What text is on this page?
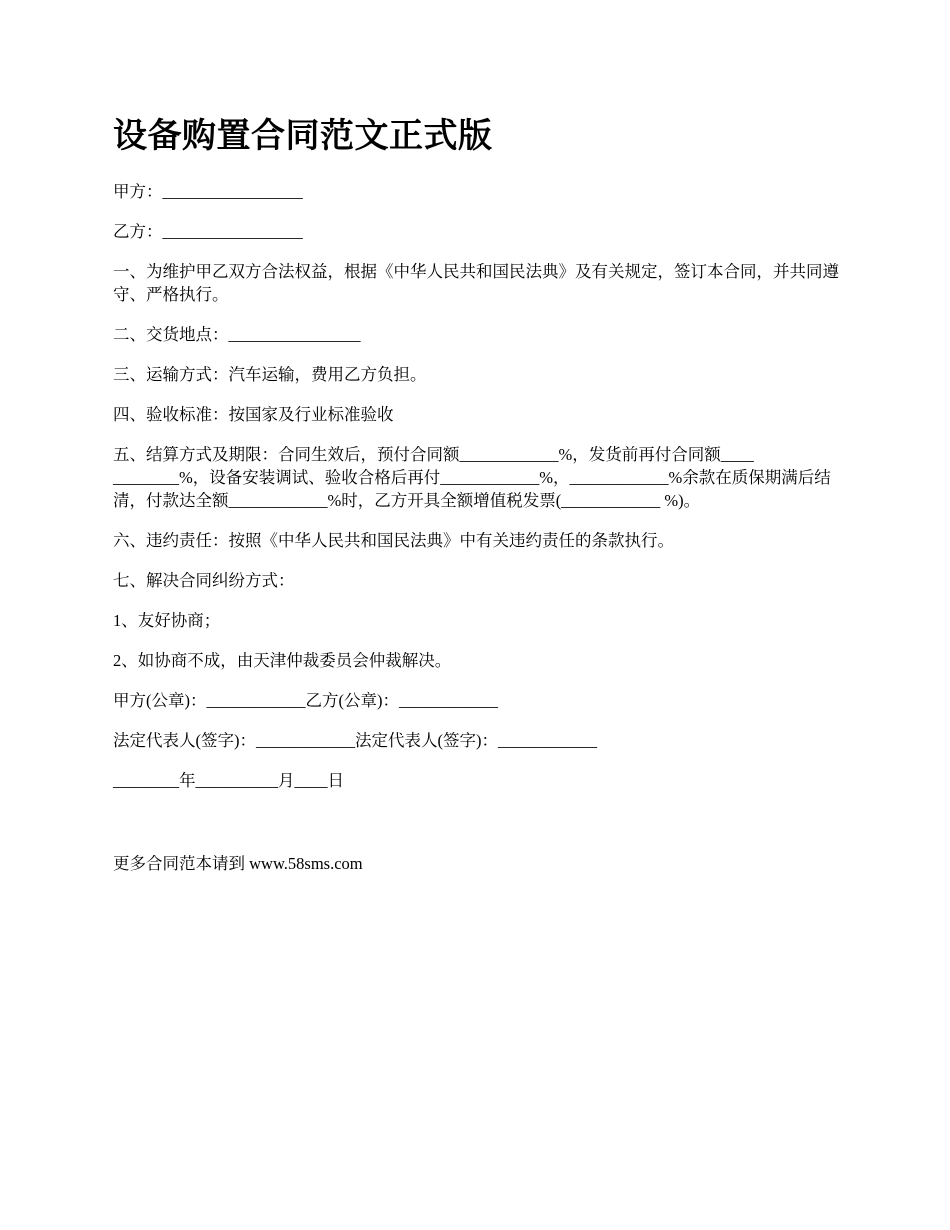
设备购置合同范文正式版

甲方：_________________

乙方：_________________

一、为维护甲乙双方合法权益，根据《中华人民共和国民法典》及有关规定，签订本合同，并共同遵守、严格执行。

二、交货地点：________________

三、运输方式：汽车运输，费用乙方负担。

四、验收标准：按国家及行业标准验收

五、结算方式及期限：合同生效后，预付合同额____________%，发货前再付合同额____ ________%，设备安装调试、验收合格后再付____________%，____________%余款在质保期满后结清，付款达全额____________%时，乙方开具全额增值税发票(____________ %)。

六、违约责任：按照《中华人民共和国民法典》中有关违约责任的条款执行。

七、解决合同纠纷方式：

1、友好协商；

2、如协商不成，由天津仲裁委员会仲裁解决。

甲方(公章)：____________乙方(公章)：____________

法定代表人(签字)：____________法定代表人(签字)：____________

________年__________月____日

更多合同范本请到 www.58sms.com
